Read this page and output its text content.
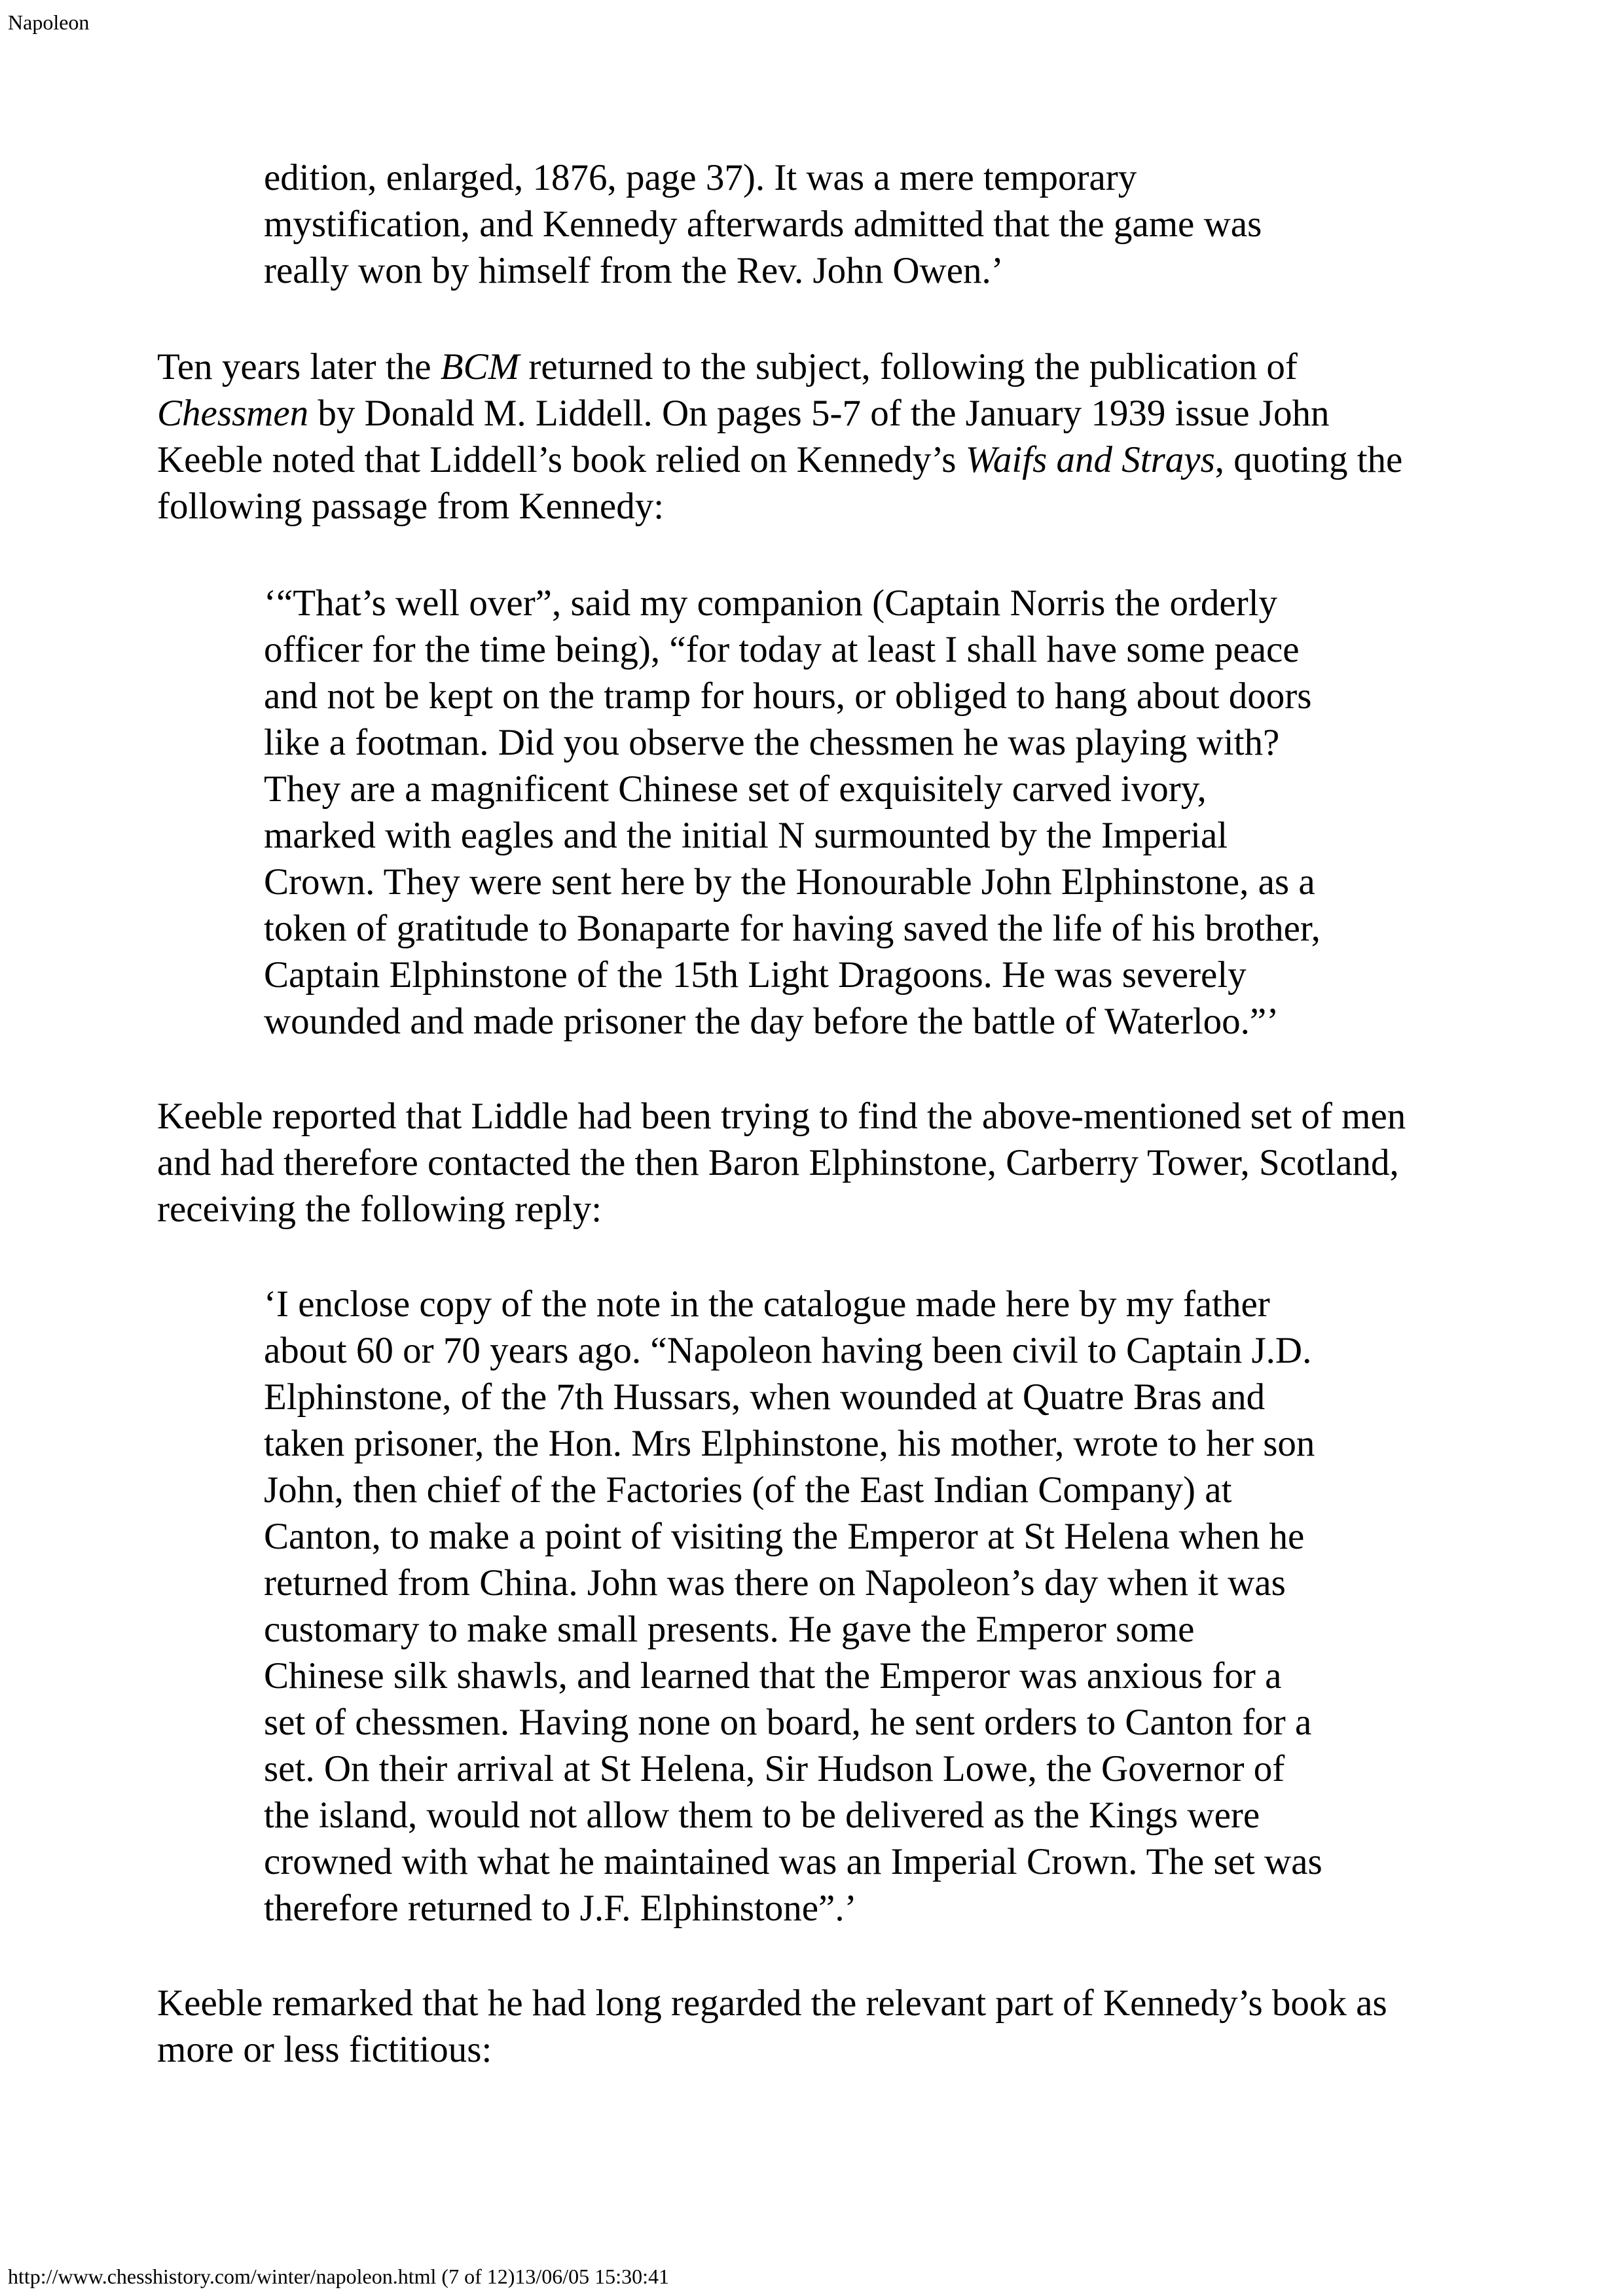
Napoleon
edition, enlarged, 1876, page 37). It was a mere temporary
mystification, and Kennedy afterwards admitted that the game was
really won by himself from the Rev. John Owen.’
Ten years later the BCM returned to the subject, following the publication of
Chessmen by Donald M. Liddell. On pages 5-7 of the January 1939 issue John
Keeble noted that Liddell’s book relied on Kennedy’s Waifs and Strays, quoting the
following passage from Kennedy:
‘“That’s well over”, said my companion (Captain Norris the orderly
officer for the time being), “for today at least I shall have some peace
and not be kept on the tramp for hours, or obliged to hang about doors
like a footman. Did you observe the chessmen he was playing with?
They are a magnificent Chinese set of exquisitely carved ivory,
marked with eagles and the initial N surmounted by the Imperial
Crown. They were sent here by the Honourable John Elphinstone, as a
token of gratitude to Bonaparte for having saved the life of his brother,
Captain Elphinstone of the 15th Light Dragoons. He was severely
wounded and made prisoner the day before the battle of Waterloo.”’
Keeble reported that Liddle had been trying to find the above-mentioned set of men
and had therefore contacted the then Baron Elphinstone, Carberry Tower, Scotland,
receiving the following reply:
‘I enclose copy of the note in the catalogue made here by my father
about 60 or 70 years ago. “Napoleon having been civil to Captain J.D.
Elphinstone, of the 7th Hussars, when wounded at Quatre Bras and
taken prisoner, the Hon. Mrs Elphinstone, his mother, wrote to her son
John, then chief of the Factories (of the East Indian Company) at
Canton, to make a point of visiting the Emperor at St Helena when he
returned from China. John was there on Napoleon’s day when it was
customary to make small presents. He gave the Emperor some
Chinese silk shawls, and learned that the Emperor was anxious for a
set of chessmen. Having none on board, he sent orders to Canton for a
set. On their arrival at St Helena, Sir Hudson Lowe, the Governor of
the island, would not allow them to be delivered as the Kings were
crowned with what he maintained was an Imperial Crown. The set was
therefore returned to J.F. Elphinstone”.’
Keeble remarked that he had long regarded the relevant part of Kennedy’s book as
more or less fictitious:
http://www.chesshistory.com/winter/napoleon.html (7 of 12)13/06/05 15:30:41
